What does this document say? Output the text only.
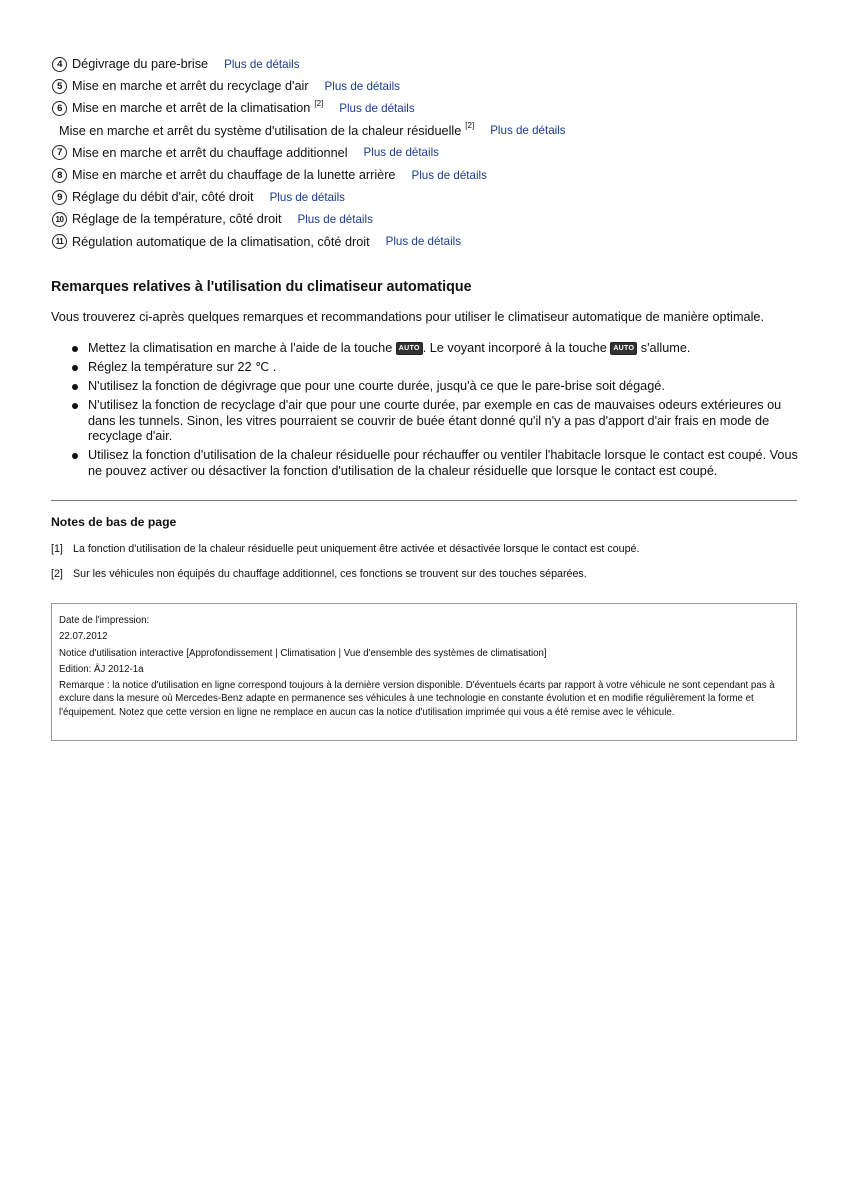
4 Dégivrage du pare-brise Plus de détails
5 Mise en marche et arrêt du recyclage d'air Plus de détails
6 Mise en marche et arrêt de la climatisation [2] Plus de détails
Mise en marche et arrêt du système d'utilisation de la chaleur résiduelle [2] Plus de détails
7 Mise en marche et arrêt du chauffage additionnel Plus de détails
8 Mise en marche et arrêt du chauffage de la lunette arrière Plus de détails
9 Réglage du débit d'air, côté droit Plus de détails
10 Réglage de la température, côté droit Plus de détails
11 Régulation automatique de la climatisation, côté droit Plus de détails
Remarques relatives à l'utilisation du climatiseur automatique

Vous trouverez ci-après quelques remarques et recommandations pour utiliser le climatiseur automatique de manière optimale.

Mettez la climatisation en marche à l'aide de la touche AUTO . Le voyant incorporé à la touche AUTO s'allume.
Réglez la température sur 22 ℃ .
N'utilisez la fonction de dégivrage que pour une courte durée, jusqu'à ce que le pare-brise soit dégagé.
N'utilisez la fonction de recyclage d'air que pour une courte durée, par exemple en cas de mauvaises odeurs extérieures ou dans les tunnels. Sinon, les vitres pourraient se couvrir de buée étant donné qu'il n'y a pas d'apport d'air frais en mode de recyclage d'air.
Utilisez la fonction d'utilisation de la chaleur résiduelle pour réchauffer ou ventiler l'habitacle lorsque le contact est coupé. Vous ne pouvez activer ou désactiver la fonction d'utilisation de la chaleur résiduelle que lorsque le contact est coupé.
Notes de bas de page

[1] La fonction d'utilisation de la chaleur résiduelle peut uniquement être activée et désactivée lorsque le contact est coupé.

[2] Sur les véhicules non équipés du chauffage additionnel, ces fonctions se trouvent sur des touches séparées.

Date de l'impression:

22.07.2012

Notice d'utilisation interactive [Approfondissement | Climatisation | Vue d'ensemble des systèmes de climatisation]

Edition: ÄJ 2012-1a

Remarque : la notice d'utilisation en ligne correspond toujours à la dernière version disponible. D'éventuels écarts par rapport à votre véhicule ne sont cependant pas à exclure dans la mesure où Mercedes-Benz adapte en permanence ses véhicules à une technologie en constante évolution et en modifie régulièrement la forme et l'équipement. Notez que cette version en ligne ne remplace en aucun cas la notice d'utilisation imprimée qui vous a été remise avec le véhicule.
